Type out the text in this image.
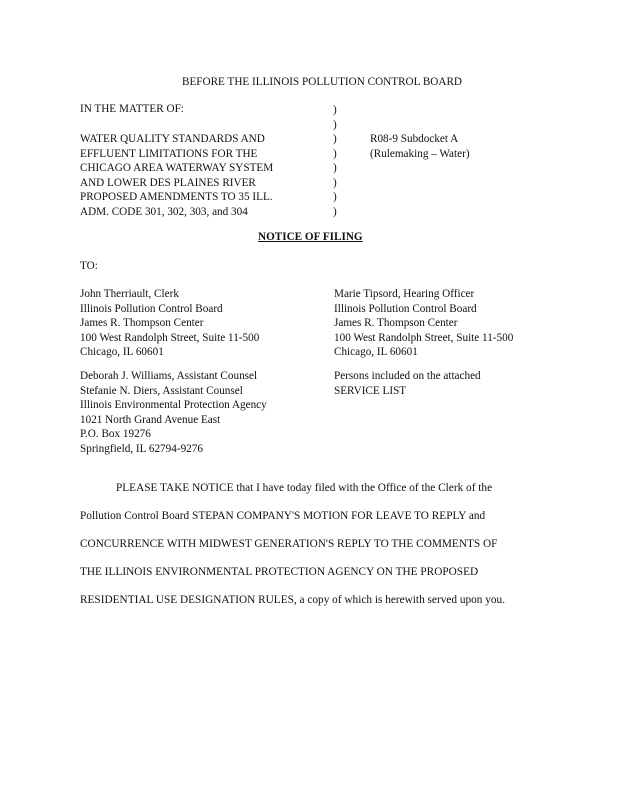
BEFORE THE ILLINOIS POLLUTION CONTROL BOARD
IN THE MATTER OF:
WATER QUALITY STANDARDS AND
EFFLUENT LIMITATIONS FOR THE
CHICAGO AREA WATERWAY SYSTEM
AND LOWER DES PLAINES RIVER
PROPOSED AMENDMENTS TO 35 ILL.
ADM. CODE 301, 302, 303, and 304
)
)
)
)
)
)
)
)
R08-9 Subdocket A
(Rulemaking – Water)
NOTICE OF FILING
TO:
John Therriault, Clerk
Illinois Pollution Control Board
James R. Thompson Center
100 West Randolph Street, Suite 11-500
Chicago, IL 60601
Marie Tipsord, Hearing Officer
Illinois Pollution Control Board
James R. Thompson Center
100 West Randolph Street, Suite 11-500
Chicago, IL 60601
Deborah J. Williams, Assistant Counsel
Stefanie N. Diers, Assistant Counsel
Illinois Environmental Protection Agency
1021 North Grand Avenue East
P.O. Box 19276
Springfield, IL 62794-9276
Persons included on the attached
SERVICE LIST
PLEASE TAKE NOTICE that I have today filed with the Office of the Clerk of the
Pollution Control Board STEPAN COMPANY'S MOTION FOR LEAVE TO REPLY and
CONCURRENCE WITH MIDWEST GENERATION'S REPLY TO THE COMMENTS OF
THE ILLINOIS ENVIRONMENTAL PROTECTION AGENCY ON THE PROPOSED
RESIDENTIAL USE DESIGNATION RULES, a copy of which is herewith served upon you.
